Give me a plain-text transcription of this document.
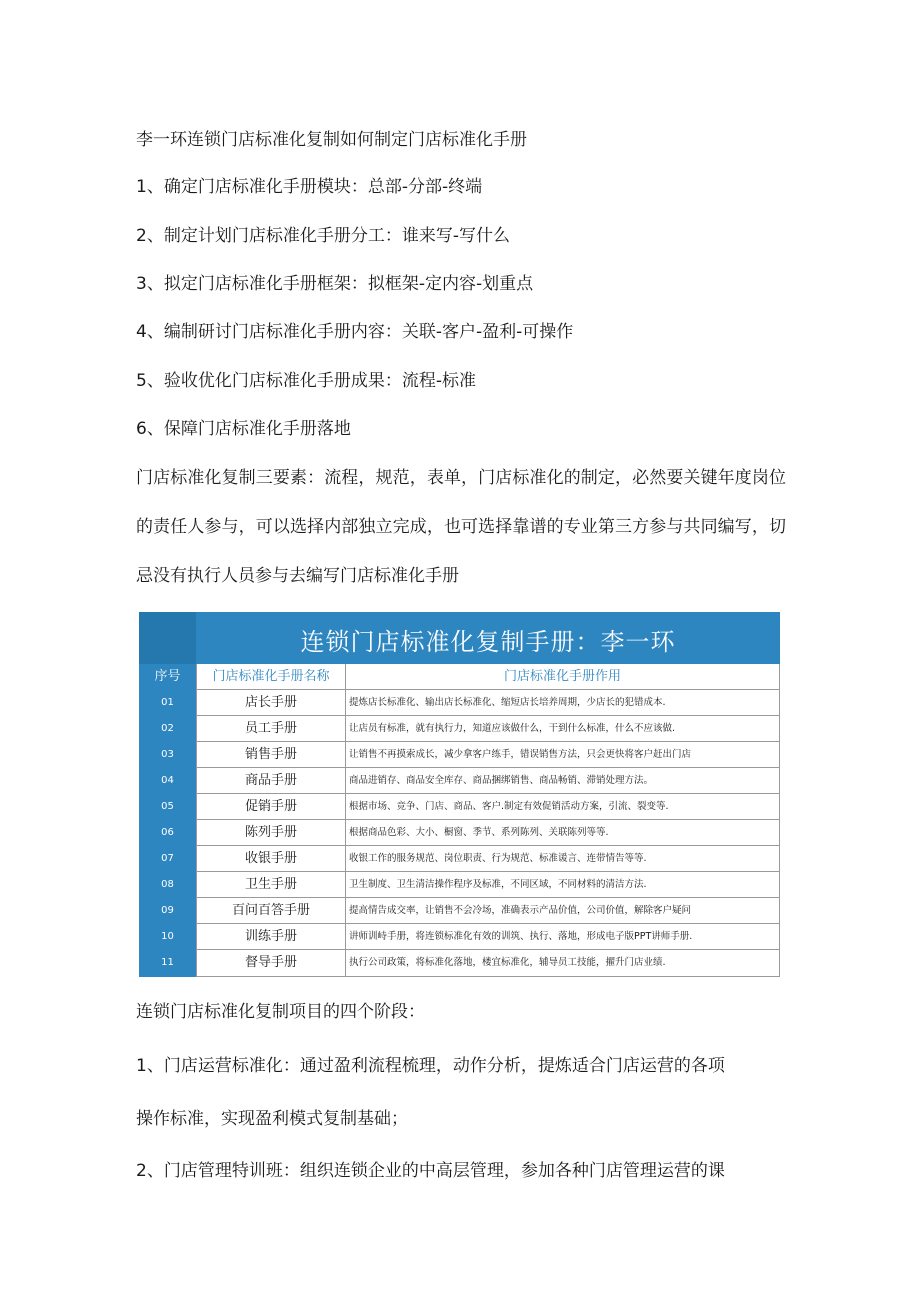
李一环连锁门店标准化复制如何制定门店标准化手册
1、确定门店标准化手册模块：总部-分部-终端
2、制定计划门店标准化手册分工：谁来写-写什么
3、拟定门店标准化手册框架：拟框架-定内容-划重点
4、编制研讨门店标准化手册内容：关联-客户-盈利-可操作
5、验收优化门店标准化手册成果：流程-标准
6、保障门店标准化手册落地
门店标准化复制三要素：流程，规范，表单，门店标准化的制定，必然要关键年度岗位的责任人参与，可以选择内部独立完成，也可选择靠谱的专业第三方参与共同编写，切忌没有执行人员参与去编写门店标准化手册
连锁门店标准化复制手册：李一环
序号	门店标准化手册名称	门店标准化手册作用
01	店长手册	提炼店长标准化、输出店长标准化、缩短店长培养周期，少店长的犯错成本.
02	员工手册	让店员有标准，就有执行力，知道应该做什么，干到什么标准，什么不应该做.
03	销售手册	让销售不再摸索成长，减少拿客户练手，错误销售方法，只会更快将客户赶出门店
04	商品手册	商品进销存、商品安全库存、商品捆绑销售、商品畅销、滞销处理方法。
05	促销手册	根据市场、竞争、门店、商品、客户.制定有效促销活动方案，引流、裂变等.
06	陈列手册	根据商品色彩、大小、橱窗、季节、系列陈列、关联陈列等等.
07	收银手册	收银工作的服务规范、岗位职责、行为规范、标准谖言、连带情告等等.
08	卫生手册	卫生制度、卫生清洁操作程序及标准，不同区域，不同材料的清洁方法.
09	百问百答手册	提高情告成交率，让销售不会冷场，准确表示产品价值，公司价值，解除客户疑问
10	训练手册	讲师训峙手册，将连锁标准化有效的训筑、执行、落地，形成电子版PPT讲师手册.
11	督导手册	执行公司政策，将标准化落地，楼宜标准化，辅导员工技能，擢升门店业绩.
连锁门店标准化复制项目的四个阶段：
1、门店运营标准化：通过盈利流程梳理，动作分析，提炼适合门店运营的各项
操作标准，实现盈利模式复制基础；
2、门店管理特训班：组织连锁企业的中高层管理，参加各种门店管理运营的课
